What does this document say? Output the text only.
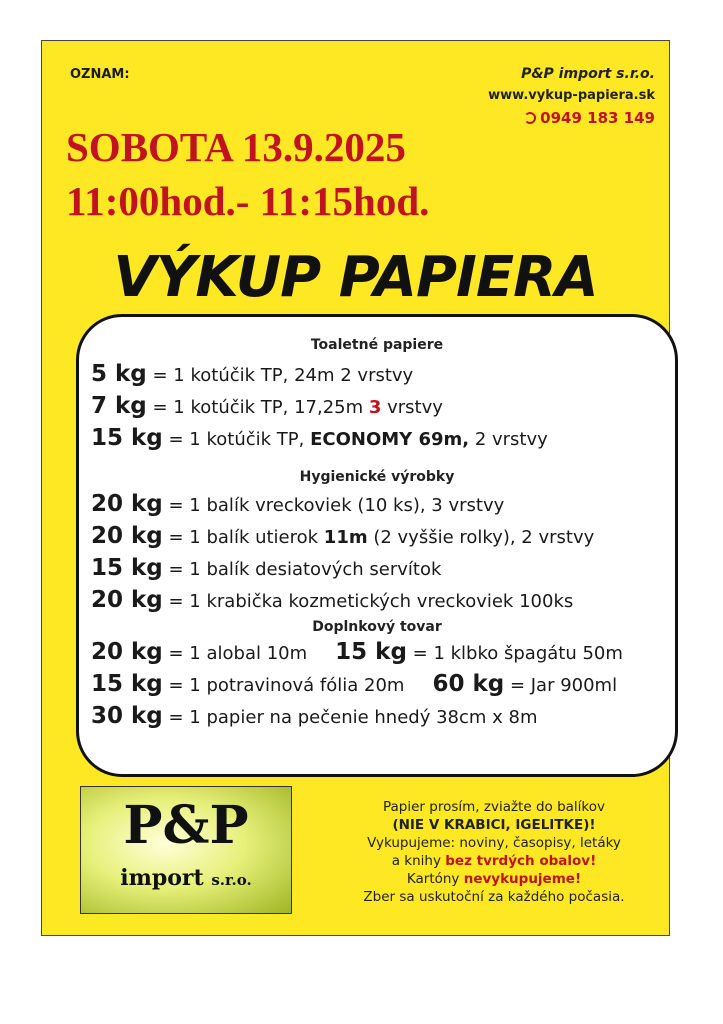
OZNAM:	P&P import s.r.o.
www.vykup-papiera.sk
0949 183 149
SOBOTA 13.9.2025
11:00hod.- 11:15hod.
VÝKUP PAPIERA
Toaletné papiere
5 kg = 1 kotúčik TP, 24m 2 vrstvy
7 kg = 1 kotúčik TP, 17,25m 3 vrstvy
15 kg = 1 kotúčik TP, ECONOMY 69m, 2 vrstvy
Hygienické výrobky
20 kg = 1 balík vreckoviek (10 ks), 3 vrstvy
20 kg = 1 balík utierok 11m (2 vyššie rolky), 2 vrstvy
15 kg = 1 balík desiatových servítok
20 kg = 1 krabička kozmetických vreckoviek 100ks
Doplnkový tovar
20 kg = 1 alobal 10m 15 kg = 1 klbko špagátu 50m
15 kg = 1 potravinová fólia 20m 60 kg = Jar 900ml
30 kg = 1 papier na pečenie hnedý 38cm x 8m
P&P
import s.r.o.
Papier prosím, zviažte do balíkov
(NIE V KRABICI, IGELITKE)!
Vykupujeme: noviny, časopisy, letáky
a knihy bez tvrdých obalov!
Kartóny nevykupujeme!
Zber sa uskutoční za každého počasia.
